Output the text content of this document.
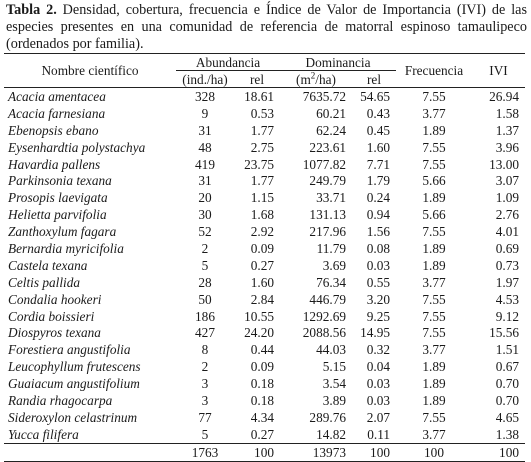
Tabla 2. Densidad, cobertura, frecuencia e Índice de Valor de Importancia (IVI) de las especies presentes en una comunidad de referencia de matorral espinoso tamaulipeco (ordenados por familia).

Nombre científico	Abundancia		Dominancia		Frecuencia	IVI
	(ind./ha)	rel	$(m^2/ha)$	rel		

Acacia amentacea	328	18.61	7635.72	54.65	7.55	26.94
Acacia farnesiana	9	0.53	60.21	0.43	3.77	1.58
Ebenopsis ebano	31	1.77	62.24	0.45	1.89	1.37
Eysenhardtia polystachya	48	2.75	223.61	1.60	7.55	3.96
Havardia pallens	419	23.75	1077.82	7.71	7.55	13.00
Parkinsonia texana	31	1.77	249.79	1.79	5.66	3.07
Prosopis laevigata	20	1.15	33.71	0.24	1.89	1.09
Helietta parvifolia	30	1.68	131.13	0.94	5.66	2.76
Zanthoxylum fagara	52	2.92	217.96	1.56	7.55	4.01
Bernardia myricifolia	2	0.09	11.79	0.08	1.89	0.69
Castela texana	5	0.27	3.69	0.03	1.89	0.73
Celtis pallida	28	1.60	76.34	0.55	3.77	1.97
Condalia hookeri	50	2.84	446.79	3.20	7.55	4.53
Cordia boissieri	186	10.55	1292.69	9.25	7.55	9.12
Diospyros texana	427	24.20	2088.56	14.95	7.55	15.56
Forestiera angustifolia	8	0.44	44.03	0.32	3.77	1.51
Leucophyllum frutescens	2	0.09	5.15	0.04	1.89	0.67
Guaiacum angustifolium	3	0.18	3.54	0.03	1.89	0.70
Randia rhagocarpa	3	0.18	3.89	0.03	1.89	0.70
Sideroxylon celastrinum	77	4.34	289.76	2.07	7.55	4.65
Yucca filifera	5	0.27	14.82	0.11	3.77	1.38
	1763	100	13973	100	100	100
